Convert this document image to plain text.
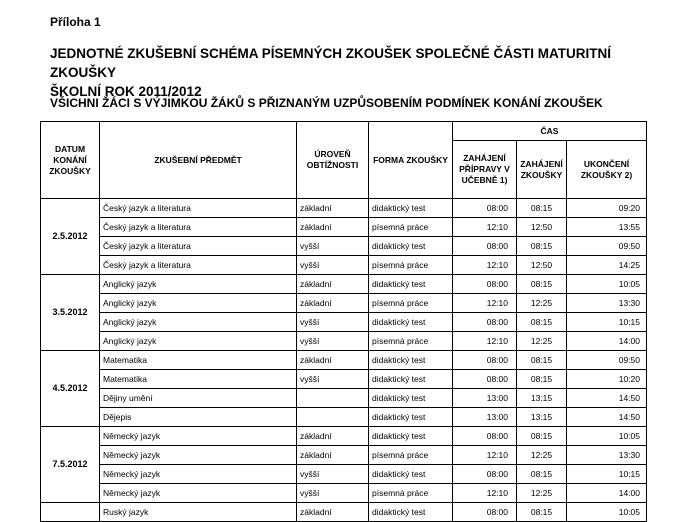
Příloha 1
JEDNOTNÉ ZKUŠEBNÍ SCHÉMA PÍSEMNÝCH ZKOUŠEK SPOLEČNÉ ČÁSTI MATURITNÍ ZKOUŠKY
ŠKOLNÍ ROK 2011/2012
VŠICHNI ŽÁCI S VÝJIMKOU ŽÁKŮ S PŘIZNANÝM UZPŮSOBENÍM PODMÍNEK KONÁNÍ ZKOUŠEK
DATUM KONÁNÍ ZKOUŠKY	ZKUŠEBNÍ PŘEDMĚT	ÚROVEŇ OBTÍŽNOSTI	FORMA ZKOUŠKY	ČAS		
				ZAHÁJENÍ PŘÍPRAVY V UČEBNĚ 1)	ZAHÁJENÍ ZKOUŠKY	UKONČENÍ ZKOUŠKY 2)
2.5.2012	Český jazyk a literatura	základní	didaktický test	08:00	08:15	09:20
	Český jazyk a literatura	základní	písemná práce	12:10	12:50	13:55
	Český jazyk a literatura	vyšší	didaktický test	08:00	08:15	09:50
	Český jazyk a literatura	vyšší	písemná práce	12:10	12:50	14:25
3.5.2012	Anglický jazyk	základní	didaktický test	08:00	08:15	10:05
	Anglický jazyk	základní	písemná práce	12:10	12:25	13:30
	Anglický jazyk	vyšší	didaktický test	08:00	08:15	10:15
	Anglický jazyk	vyšší	písemná práce	12:10	12:25	14:00
4.5.2012	Matematika	základní	didaktický test	08:00	08:15	09:50
	Matematika	vyšší	didaktický test	08:00	08:15	10:20
	Dějiny umění		didaktický test	13:00	13:15	14:50
	Dějepis		didaktický test	13:00	13:15	14:50
7.5.2012	Německý jazyk	základní	didaktický test	08:00	08:15	10:05
	Německý jazyk	základní	písemná práce	12:10	12:25	13:30
	Německý jazyk	vyšší	didaktický test	08:00	08:15	10:15
	Německý jazyk	vyšší	písemná práce	12:10	12:25	14:00
	Ruský jazyk	základní	didaktický test	08:00	08:15	10:05
